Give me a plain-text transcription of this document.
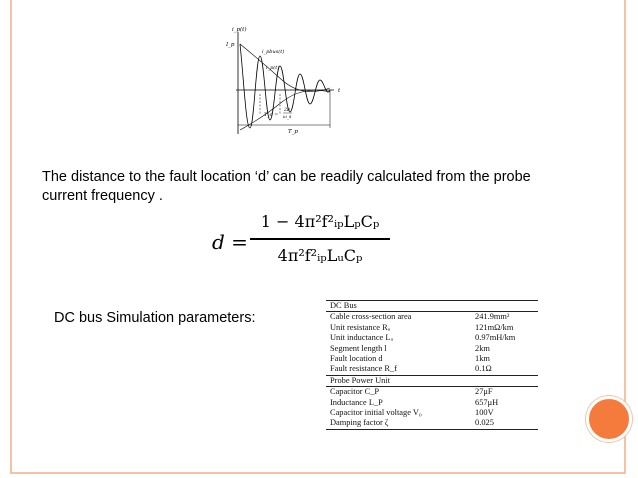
i_p(t)
I_p
i_pbus(t)
i_p(t)
t
T_d =
2π
ω_s
T_p
The distance to the fault location ‘d’ can be readily calculated from the probe current frequency .
d =
1 − 4π²f²ᵢₚLₚCₚ
4π²f²ᵢₚLᵤCₚ
DC bus Simulation parameters:
DC Bus	
Cable cross-section area	241.9mm²
Unit resistance Rᵤ	121mΩ/km
Unit inductance Lᵤ	0.97mH/km
Segment length l	2km
Fault location d	1km
Fault resistance R_f	0.1Ω
Probe Power Unit	
Capacitor C_P	27μF
Inductance L_P	657μH
Capacitor initial voltage V₀	100V
Damping factor ζ	0.025
